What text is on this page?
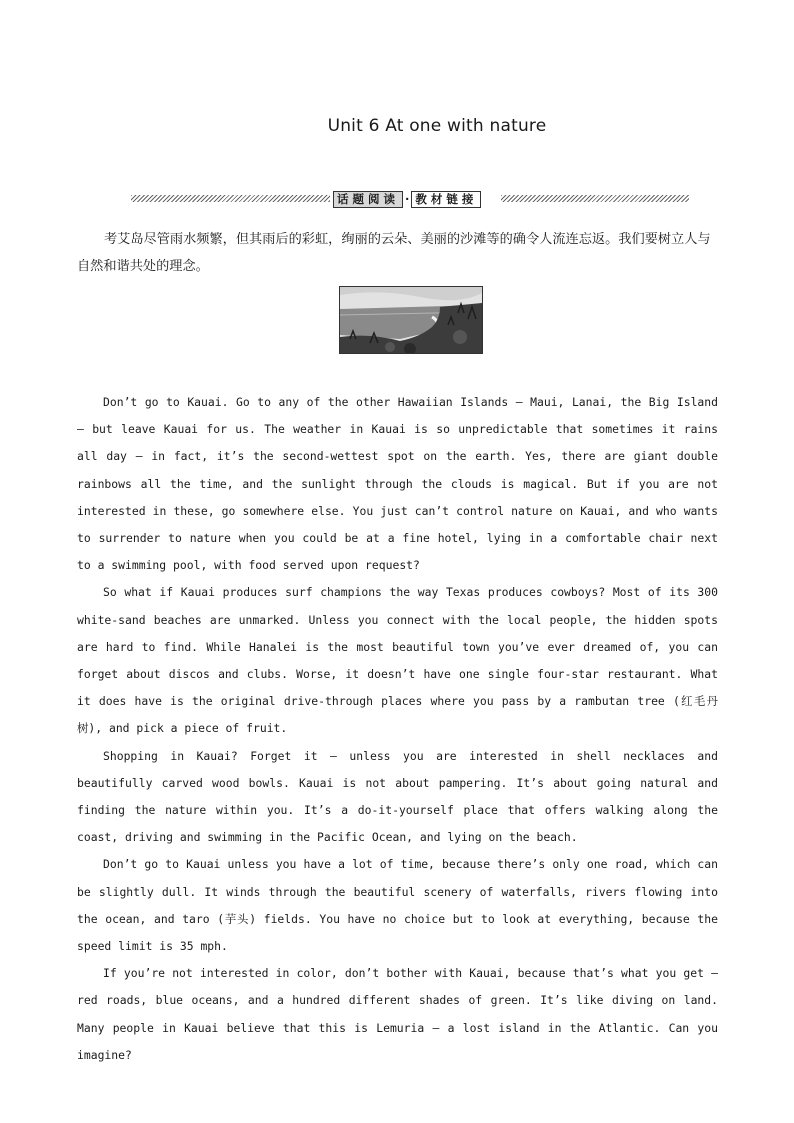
Unit 6 At one with nature
话题阅读 · 教材链接

考艾岛尽管雨水频繁，但其雨后的彩虹，绚丽的云朵、美丽的沙滩等的确令人流连忘返。我们要树立人与自然和谐共处的理念。

Don’t go to Kauai. Go to any of the other Hawaiian Islands — Maui, Lanai, the Big Island — but leave Kauai for us. The weather in Kauai is so unpredictable that sometimes it rains all day — in fact, it’s the second-wettest spot on the earth. Yes, there are giant double rainbows all the time, and the sunlight through the clouds is magical. But if you are not interested in these, go somewhere else. You just can’t control nature on Kauai, and who wants to surrender to nature when you could be at a fine hotel, lying in a comfortable chair next to a swimming pool, with food served upon request?

So what if Kauai produces surf champions the way Texas produces cowboys? Most of its 300 white-sand beaches are unmarked. Unless you connect with the local people, the hidden spots are hard to find. While Hanalei is the most beautiful town you’ve ever dreamed of, you can forget about discos and clubs. Worse, it doesn’t have one single four-star restaurant. What it does have is the original drive-through places where you pass by a rambutan tree (红毛丹树), and pick a piece of fruit.

Shopping in Kauai? Forget it — unless you are interested in shell necklaces and beautifully carved wood bowls. Kauai is not about pampering. It’s about going natural and finding the nature within you. It’s a do-it-yourself place that offers walking along the coast, driving and swimming in the Pacific Ocean, and lying on the beach.

Don’t go to Kauai unless you have a lot of time, because there’s only one road, which can be slightly dull. It winds through the beautiful scenery of waterfalls, rivers flowing into the ocean, and taro (芋头) fields. You have no choice but to look at everything, because the speed limit is 35 mph.

If you’re not interested in color, don’t bother with Kauai, because that’s what you get — red roads, blue oceans, and a hundred different shades of green. It’s like diving on land. Many people in Kauai believe that this is Lemuria — a lost island in the Atlantic. Can you imagine?
